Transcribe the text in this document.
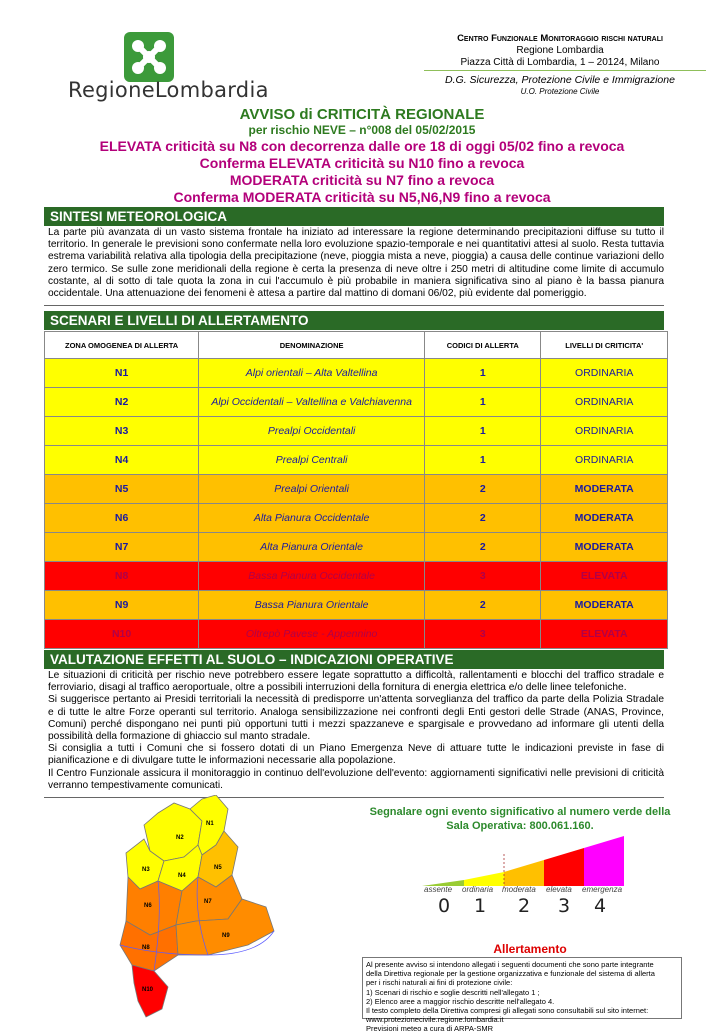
RegioneLombardia
Centro Funzionale Monitoraggio rischi naturali
Regione Lombardia
Piazza Città di Lombardia, 1 – 20124, Milano
D.G. Sicurezza, Protezione Civile e Immigrazione
U.O. Protezione Civile
AVVISO di CRITICITÀ REGIONALE
per rischio NEVE – n°008 del 05/02/2015
ELEVATA criticità su N8 con decorrenza dalle ore 18 di oggi 05/02 fino a revoca
Conferma ELEVATA criticità su N10 fino a revoca
MODERATA criticità su N7 fino a revoca
Conferma MODERATA criticità su N5,N6,N9 fino a revoca
SINTESI METEOROLOGICA
La parte più avanzata di un vasto sistema frontale ha iniziato ad interessare la regione determinando precipitazioni diffuse su tutto il territorio. In generale le previsioni sono confermate nella loro evoluzione spazio-temporale e nei quantitativi attesi al suolo. Resta tuttavia estrema variabilità relativa alla tipologia della precipitazione (neve, pioggia mista a neve, pioggia) a causa delle continue variazioni dello zero termico. Se sulle zone meridionali della regione è certa la presenza di neve oltre i 250 metri di altitudine come limite di accumulo costante, al di sotto di tale quota la zona in cui l'accumulo è più probabile in maniera significativa sino al piano è la bassa pianura occidentale. Una attenuazione dei fenomeni è attesa a partire dal mattino di domani 06/02, più evidente dal pomeriggio.
SCENARI E LIVELLI DI ALLERTAMENTO
ZONA OMOGENEA DI ALLERTA	DENOMINAZIONE	CODICI DI ALLERTA	LIVELLI DI CRITICITA'
N1	Alpi orientali – Alta Valtellina	1	ORDINARIA
N2	Alpi Occidentali – Valtellina e Valchiavenna	1	ORDINARIA
N3	Prealpi Occidentali	1	ORDINARIA
N4	Prealpi Centrali	1	ORDINARIA
N5	Prealpi Orientali	2	MODERATA
N6	Alta Pianura Occidentale	2	MODERATA
N7	Alta Pianura Orientale	2	MODERATA
N8	Bassa Pianura Occidentale	3	ELEVATA
N9	Bassa Pianura Orientale	2	MODERATA
N10	Oltrepò Pavese - Appennino	3	ELEVATA
VALUTAZIONE EFFETTI AL SUOLO – INDICAZIONI OPERATIVE
Le situazioni di criticità per rischio neve potrebbero essere legate soprattutto a difficoltà, rallentamenti e blocchi del traffico stradale e ferroviario, disagi al traffico aeroportuale, oltre a possibili interruzioni della fornitura di energia elettrica e/o delle linee telefoniche.
Si suggerisce pertanto ai Presidi territoriali la necessità di predisporre un'attenta sorveglianza del traffico da parte della Polizia Stradale e di tutte le altre Forze operanti sul territorio. Analoga sensibilizzazione nei confronti degli Enti gestori delle Strade (ANAS, Province, Comuni) perché dispongano nei punti più opportuni tutti i mezzi spazzaneve e spargisale e provvedano ad informare gli utenti della possibilità della formazione di ghiaccio sul manto stradale.
Si consiglia a tutti i Comuni che si fossero dotati di un Piano Emergenza Neve di attuare tutte le indicazioni previste in fase di pianificazione e di divulgare tutte le informazioni necessarie alla popolazione.
Il Centro Funzionale assicura il monitoraggio in continuo dell'evoluzione dell'evento: aggiornamenti significativi nelle previsioni di criticità verranno tempestivamente comunicati.
N1
N2
N3
N4
N5
N6
N7
N8
N9
N10
Segnalare ogni evento significativo al numero verde della
Sala Operativa: 800.061.160.
assente ordinaria moderata elevata emergenza
0 1 2 3 4
Allertamento
Al presente avviso si intendono allegati i seguenti documenti che sono parte integrante
della Direttiva regionale per la gestione organizzativa e funzionale del sistema di allerta
per i rischi naturali ai fini di protezione civile:
1) Scenari di rischio e soglie descritti nell'allegato 1 ;
2) Elenco aree a maggior rischio descritte nell'allegato 4.
Il testo completo della Direttiva compresi gli allegati sono consultabili sul sito internet:
www.protezionecivile.regione.lombardia.it
Previsioni meteo a cura di ARPA-SMR
